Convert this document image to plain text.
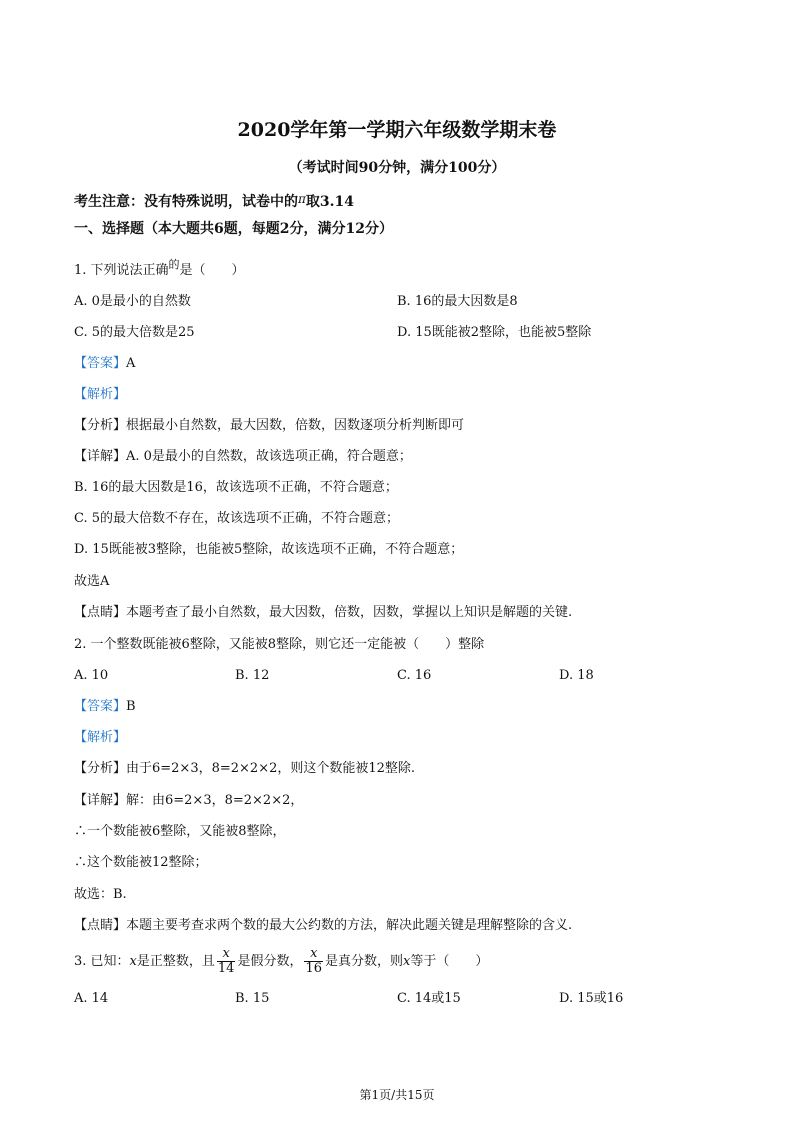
2020学年第一学期六年级数学期末卷
（考试时间90分钟，满分100分）
考生注意：没有特殊说明，试卷中的π取3.14
一、选择题（本大题共6题，每题2分，满分12分）
1. 下列说法正确$^的$是（　　）
A. 0是最小的自然数	B. 16的最大因数是8
C. 5的最大倍数是25	D. 15既能被2整除，也能被5整除
【答案】A
【解析】
【分析】根据最小自然数，最大因数，倍数，因数逐项分析判断即可
【详解】A. 0是最小的自然数，故该选项正确，符合题意；
B. 16的最大因数是16，故该选项不正确，不符合题意；
C. 5的最大倍数不存在，故该选项不正确，不符合题意；
D. 15既能被3整除，也能被5整除，故该选项不正确，不符合题意；
故选A
【点睛】本题考查了最小自然数，最大因数，倍数，因数，掌握以上知识是解题的关键.
2. 一个整数既能被6整除，又能被8整除，则它还一定能被（　　）整除
A. 10	B. 12	C. 16	D. 18
【答案】B
【解析】
【分析】由于6=2×3，8=2×2×2，则这个数能被12整除.
【详解】解：由6=2×3，8=2×2×2，
∴一个数能被6整除，又能被8整除，
∴这个数能被12整除；
故选：B.
【点睛】本题主要考查求两个数的最大公约数的方法，解决此题关键是理解整除的含义.
3. 已知：x是正整数，且 $\frac{x}{14}$ 是假分数， $\frac{x}{16}$ 是真分数，则x等于（　　）
A. 14	B. 15	C. 14或15	D. 15或16
第1页/共15页
